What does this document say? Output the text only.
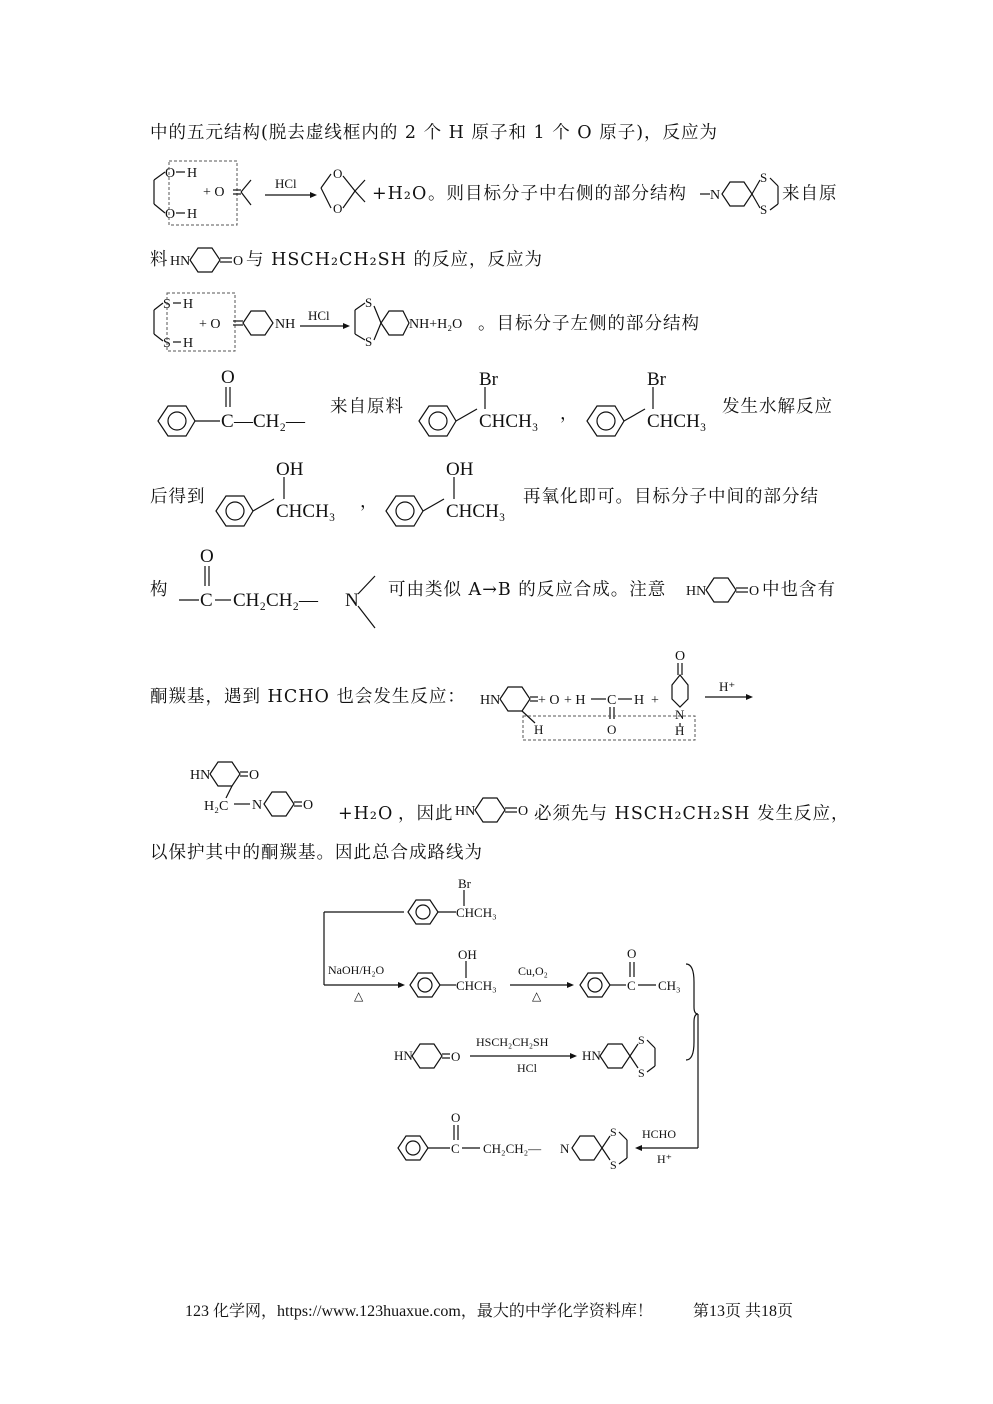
中的五元结构(脱去虚线框内的 2 个 H 原子和 1 个 O 原子)，反应为
O
O
H
H
+ O
HCl
O
O
+H₂O 。则目标分子中右侧的部分结构 N
S
S
来自原
料 HN	O 与 HSCH₂CH₂SH 的反应，反应为
S
S
H
H
+ O	NH
HCl
S
S
NH+H₂O 。目标分子左侧的部分结构
C
O
—CH₂—
来自原料
Br
CHCH₃ ，
Br
CHCH₃
发生水解反应
后得到
OH
CHCH₃ ，
OH
CHCH₃
再氧化即可。目标分子中间的部分结
构 C
O
CH₂CH₂— N 可由类似 A→B 的反应合成。注意 HN	O 中也含有
酮羰基，遇到 HCHO 也会发生反应： HN	+ O
H
+ H C
O
H +
O
N
H
H⁺
HN	O
H₂C N	O +H₂O ，因此 HN	O 必须先与 HSCH₂CH₂SH 发生反应，
以保护其中的酮羰基。因此总合成路线为
Br
CHCH₃
NaOH/H₂O
△
OH
CHCH₃
Cu,O₂
△
C
O
CH₃
HN	O
HSCH₂CH₂SH
HCl
HN
S
S
HCHO
H⁺
C
O
CH₂CH₂— N
S
S
123 化学网，https://www.123huaxue.com，最大的中学化学资料库！	第13页 共18页
